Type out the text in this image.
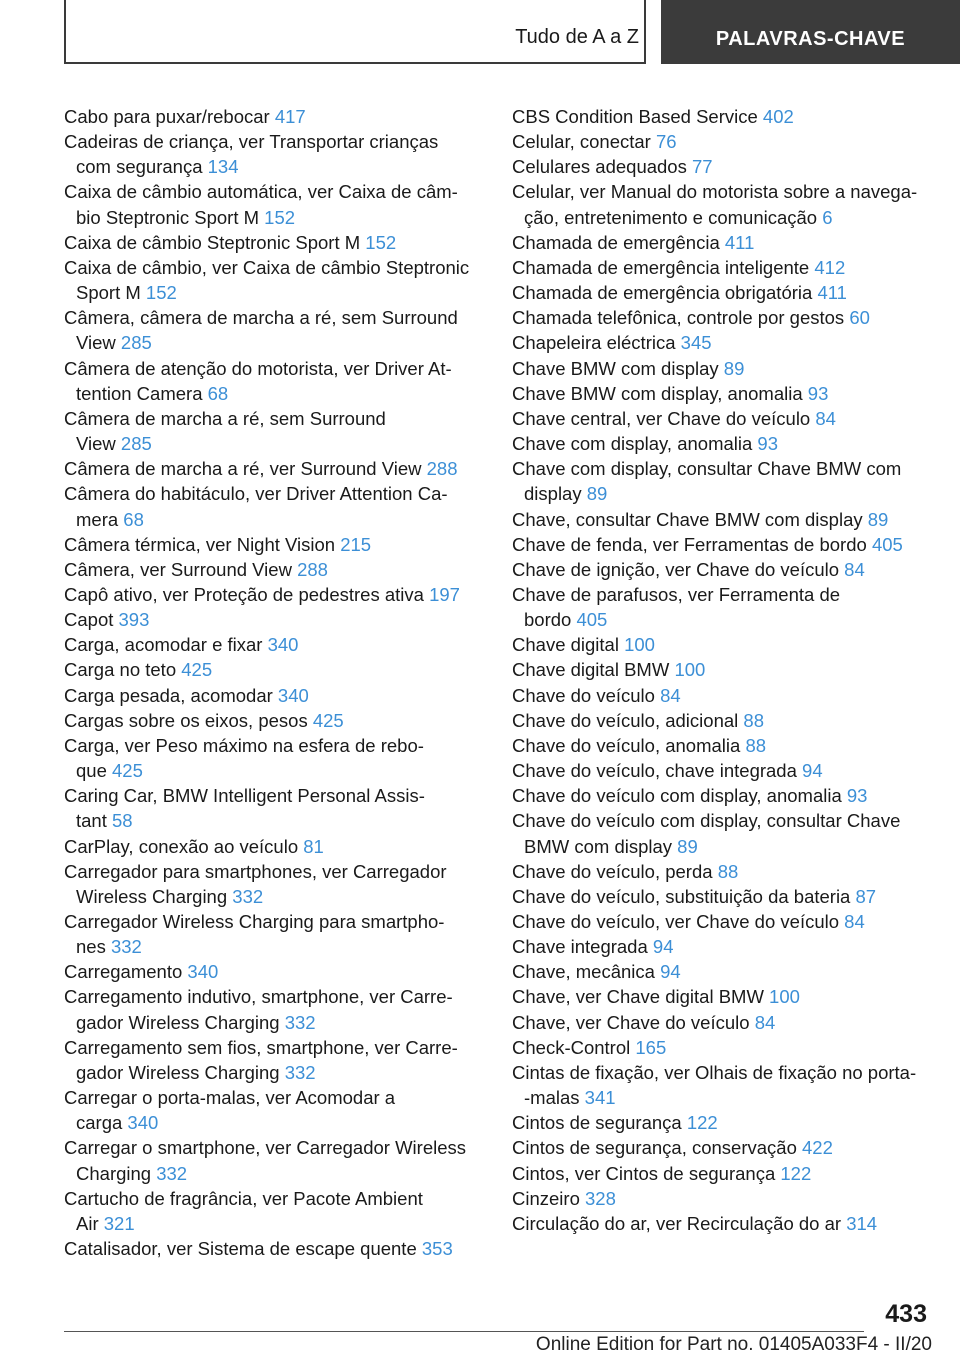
Tudo de A a Z	PALAVRAS-CHAVE
Cabo para puxar/rebocar 417
Cadeiras de criança, ver Transportar crianças
com segurança 134
Caixa de câmbio automática, ver Caixa de câm-
bio Steptronic Sport M 152
Caixa de câmbio Steptronic Sport M 152
Caixa de câmbio, ver Caixa de câmbio Steptronic
Sport M 152
Câmera, câmera de marcha a ré, sem Surround
View 285
Câmera de atenção do motorista, ver Driver At-
tention Camera 68
Câmera de marcha a ré, sem Surround
View 285
Câmera de marcha a ré, ver Surround View 288
Câmera do habitáculo, ver Driver Attention Ca-
mera 68
Câmera térmica, ver Night Vision 215
Câmera, ver Surround View 288
Capô ativo, ver Proteção de pedestres ativa 197
Capot 393
Carga, acomodar e fixar 340
Carga no teto 425
Carga pesada, acomodar 340
Cargas sobre os eixos, pesos 425
Carga, ver Peso máximo na esfera de rebo-
que 425
Caring Car, BMW Intelligent Personal Assis-
tant 58
CarPlay, conexão ao veículo 81
Carregador para smartphones, ver Carregador
Wireless Charging 332
Carregador Wireless Charging para smartpho-
nes 332
Carregamento 340
Carregamento indutivo, smartphone, ver Carre-
gador Wireless Charging 332
Carregamento sem fios, smartphone, ver Carre-
gador Wireless Charging 332
Carregar o porta-malas, ver Acomodar a
carga 340
Carregar o smartphone, ver Carregador Wireless
Charging 332
Cartucho de fragrância, ver Pacote Ambient
Air 321
Catalisador, ver Sistema de escape quente 353
CBS Condition Based Service 402
Celular, conectar 76
Celulares adequados 77
Celular, ver Manual do motorista sobre a navega-
ção, entretenimento e comunicação 6
Chamada de emergência 411
Chamada de emergência inteligente 412
Chamada de emergência obrigatória 411
Chamada telefônica, controle por gestos 60
Chapeleira eléctrica 345
Chave BMW com display 89
Chave BMW com display, anomalia 93
Chave central, ver Chave do veículo 84
Chave com display, anomalia 93
Chave com display, consultar Chave BMW com
display 89
Chave, consultar Chave BMW com display 89
Chave de fenda, ver Ferramentas de bordo 405
Chave de ignição, ver Chave do veículo 84
Chave de parafusos, ver Ferramenta de
bordo 405
Chave digital 100
Chave digital BMW 100
Chave do veículo 84
Chave do veículo, adicional 88
Chave do veículo, anomalia 88
Chave do veículo, chave integrada 94
Chave do veículo com display, anomalia 93
Chave do veículo com display, consultar Chave
BMW com display 89
Chave do veículo, perda 88
Chave do veículo, substituição da bateria 87
Chave do veículo, ver Chave do veículo 84
Chave integrada 94
Chave, mecânica 94
Chave, ver Chave digital BMW 100
Chave, ver Chave do veículo 84
Check-Control 165
Cintas de fixação, ver Olhais de fixação no porta-
-malas 341
Cintos de segurança 122
Cintos de segurança, conservação 422
Cintos, ver Cintos de segurança 122
Cinzeiro 328
Circulação do ar, ver Recirculação do ar 314
433
Online Edition for Part no. 01405A033F4 - II/20
